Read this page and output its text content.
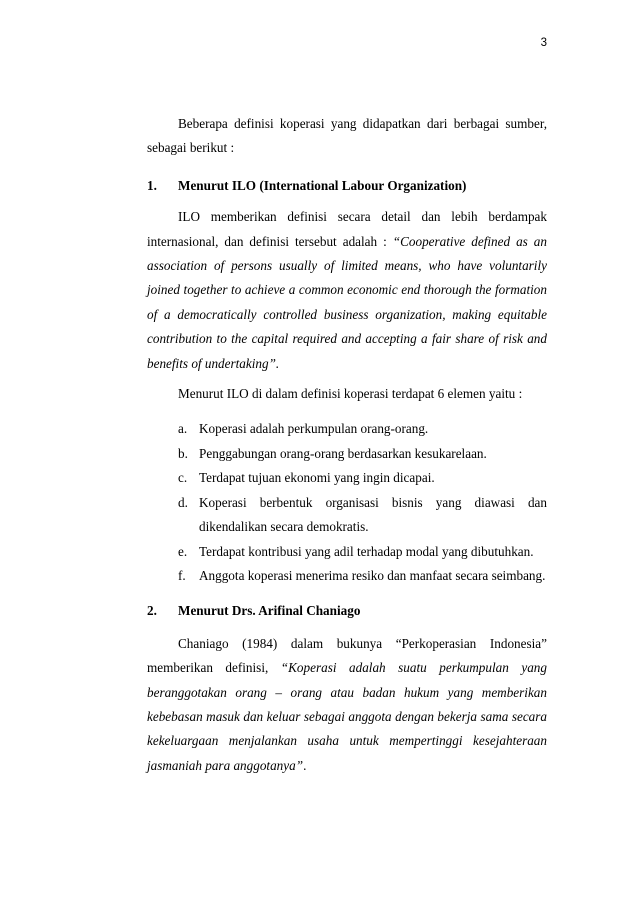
3

Beberapa definisi koperasi yang didapatkan dari berbagai sumber, sebagai berikut :

1.	Menurut ILO (International Labour Organization)

ILO memberikan definisi secara detail dan lebih berdampak internasional, dan definisi tersebut adalah : “Cooperative defined as an association of persons usually of limited means, who have voluntarily joined together to achieve a common economic end thorough the formation of a democratically controlled business organization, making equitable contribution to the capital required and accepting a fair share of risk and benefits of undertaking”.

Menurut ILO di dalam definisi koperasi terdapat 6 elemen yaitu :

a. Koperasi adalah perkumpulan orang-orang.
b. Penggabungan orang-orang berdasarkan kesukarelaan.
c. Terdapat tujuan ekonomi yang ingin dicapai.
d. Koperasi berbentuk organisasi bisnis yang diawasi dan dikendalikan secara demokratis.
e. Terdapat kontribusi yang adil terhadap modal yang dibutuhkan.
f.	Anggota koperasi menerima resiko dan manfaat secara seimbang.
2.	Menurut Drs. Arifinal Chaniago

Chaniago (1984) dalam bukunya “Perkoperasian Indonesia” memberikan definisi, “Koperasi adalah suatu perkumpulan yang beranggotakan orang – orang atau badan hukum yang memberikan kebebasan masuk dan keluar sebagai anggota dengan bekerja sama secara kekeluargaan menjalankan usaha untuk mempertinggi kesejahteraan jasmaniah para anggotanya”.
